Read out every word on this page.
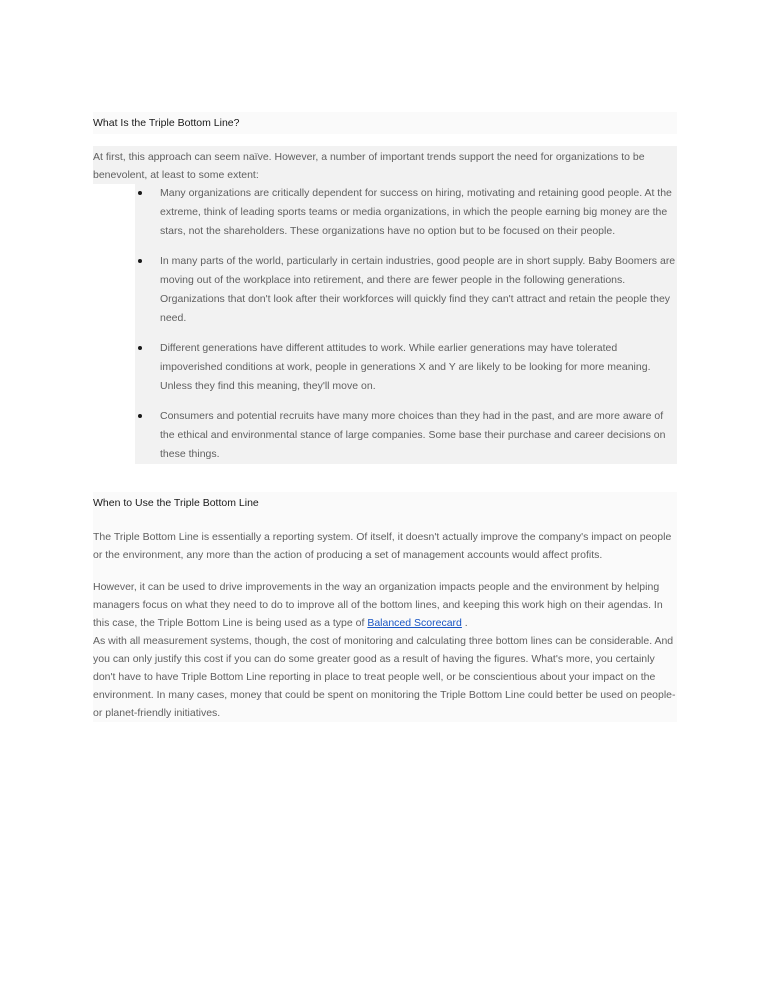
What Is the Triple Bottom Line?

At first, this approach can seem naïve. However, a number of important trends support the need for organizations to be benevolent, at least to some extent:

Many organizations are critically dependent for success on hiring, motivating and retaining good people. At the extreme, think of leading sports teams or media organizations, in which the people earning big money are the stars, not the shareholders. These organizations have no option but to be focused on their people.
In many parts of the world, particularly in certain industries, good people are in short supply. Baby Boomers are moving out of the workplace into retirement, and there are fewer people in the following generations. Organizations that don't look after their workforces will quickly find they can't attract and retain the people they need.
Different generations have different attitudes to work. While earlier generations may have tolerated impoverished conditions at work, people in generations X and Y are likely to be looking for more meaning. Unless they find this meaning, they'll move on.
Consumers and potential recruits have many more choices than they had in the past, and are more aware of the ethical and environmental stance of large companies. Some base their purchase and career decisions on these things.
When to Use the Triple Bottom Line

The Triple Bottom Line is essentially a reporting system. Of itself, it doesn't actually improve the company's impact on people or the environment, any more than the action of producing a set of management accounts would affect profits.

However, it can be used to drive improvements in the way an organization impacts people and the environment by helping managers focus on what they need to do to improve all of the bottom lines, and keeping this work high on their agendas. In this case, the Triple Bottom Line is being used as a type of Balanced Scorecard .

As with all measurement systems, though, the cost of monitoring and calculating three bottom lines can be considerable. And you can only justify this cost if you can do some greater good as a result of having the figures. What's more, you certainly don't have to have Triple Bottom Line reporting in place to treat people well, or be conscientious about your impact on the environment. In many cases, money that could be spent on monitoring the Triple Bottom Line could better be used on people- or planet-friendly initiatives.
